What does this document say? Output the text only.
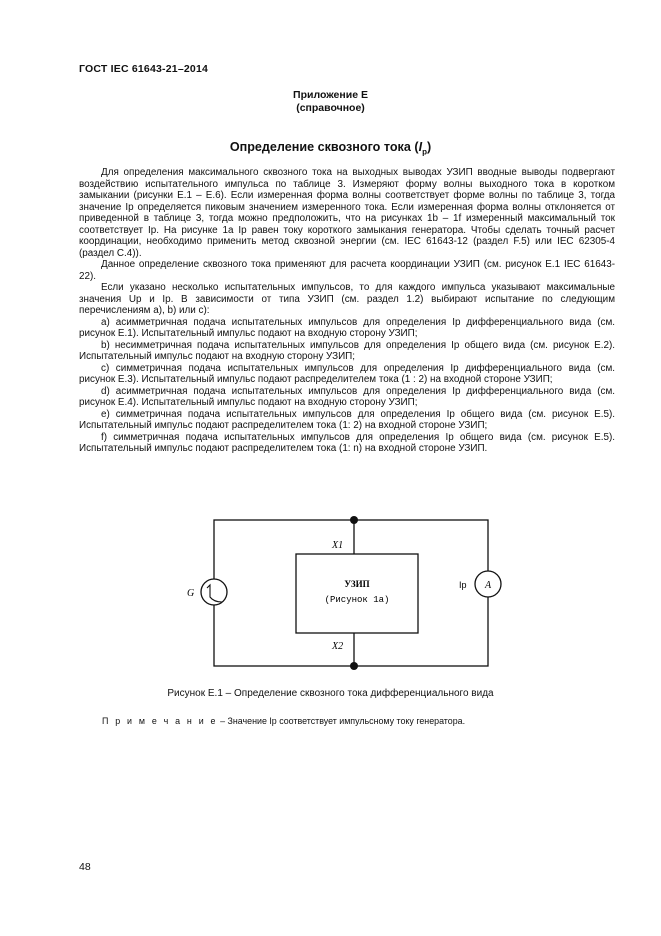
ГОСТ IEC 61643-21–2014
Приложение Е
(справочное)
Определение сквозного тока $(I_p)$

Для определения максимального сквозного тока на выходных выводах УЗИП вводные выводы подвергают воздействию испытательного импульса по таблице 3. Измеряют форму волны выходного тока в коротком замыкании (рисунки Е.1 – Е.6). Если измеренная форма волны соответствует форме волны по таблице 3, тогда значение Ip определяется пиковым значением измеренного тока. Если измеренная форма волны отклоняется от приведенной в таблице 3, тогда можно предположить, что на рисунках 1b – 1f измеренный максимальный ток соответствует Ip. На рисунке 1а Ip равен току короткого замыкания генератора. Чтобы сделать точный расчет координации, необходимо применить метод сквозной энергии (см. IEC 61643-12 (раздел F.5) или IEC 62305-4 (раздел С.4)).

Данное определение сквозного тока применяют для расчета координации УЗИП (см. рисунок Е.1 IEC 61643-22).

Если указано несколько испытательных импульсов, то для каждого импульса указывают максимальные значения Up и Ip. В зависимости от типа УЗИП (см. раздел 1.2) выбирают испытание по следующим перечислениям а), b) или с):

а) асимметричная подача испытательных импульсов для определения Ip дифференциального вида (см. рисунок Е.1). Испытательный импульс подают на входную сторону УЗИП;

b) несимметричная подача испытательных импульсов для определения Ip общего вида (см. рисунок Е.2). Испытательный импульс подают на входную сторону УЗИП;

с) симметричная подача испытательных импульсов для определения Ip дифференциального вида (см. рисунок Е.3). Испытательный импульс подают распределителем тока (1 : 2) на входной стороне УЗИП;

d) асимметричная подача испытательных импульсов для определения Ip дифференциального вида (см. рисунок Е.4). Испытательный импульс подают на входную сторону УЗИП;

е) симметричная подача испытательных импульсов для определения Ip общего вида (см. рисунок Е.5). Испытательный импульс подают распределителем тока (1: 2) на входной стороне УЗИП;

f) симметричная подача испытательных импульсов для определения Ip общего вида (см. рисунок Е.5). Испытательный импульс подают распределителем тока (1: n) на входной стороне УЗИП.

УЗИП
(Рисунок 1a)
X1
X2
G
A
Ip
Рисунок Е.1 – Определение сквозного тока дифференциального вида
П р и м е ч а н и е – Значение Ip соответствует импульсному току генератора.
48
